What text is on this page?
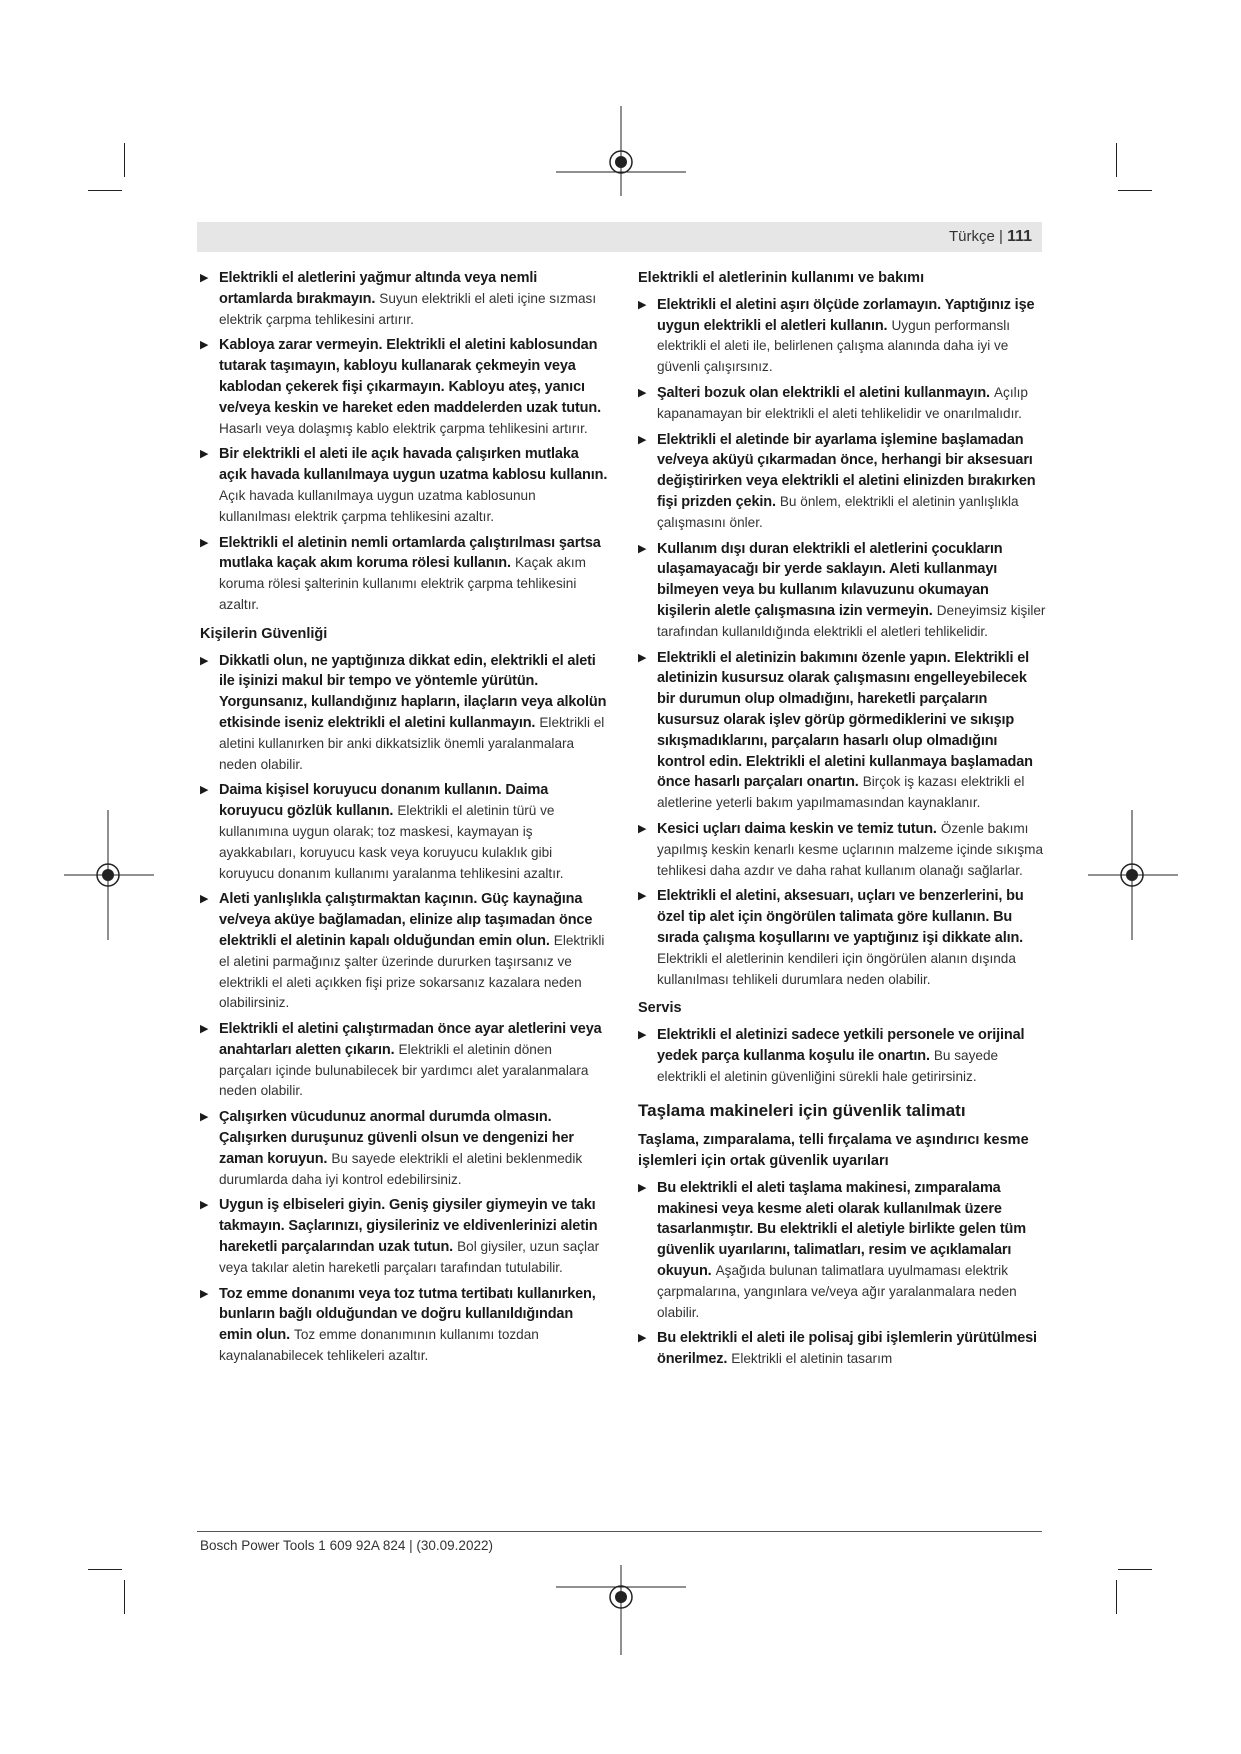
Türkçe | 111
▶ Elektrikli el aletlerini yağmur altında veya nemli ortamlarda bırakmayın. Suyun elektrikli el aleti içine sızması elektrik çarpma tehlikesini artırır.
▶ Kabloya zarar vermeyin. Elektrikli el aletini kablosundan tutarak taşımayın, kabloyu kullanarak çekmeyin veya kablodan çekerek fişi çıkarmayın. Kabloyu ateş, yanıcı ve/veya keskin ve hareket eden maddelerden uzak tutun. Hasarlı veya dolaşmış kablo elektrik çarpma tehlikesini artırır.
▶ Bir elektrikli el aleti ile açık havada çalışırken mutlaka açık havada kullanılmaya uygun uzatma kablosu kullanın. Açık havada kullanılmaya uygun uzatma kablosunun kullanılması elektrik çarpma tehlikesini azaltır.
▶ Elektrikli el aletinin nemli ortamlarda çalıştırılması şartsa mutlaka kaçak akım koruma rölesi kullanın. Kaçak akım koruma rölesi şalterinin kullanımı elektrik çarpma tehlikesini azaltır.
Kişilerin Güvenliği
▶ Dikkatli olun, ne yaptığınıza dikkat edin, elektrikli el aleti ile işinizi makul bir tempo ve yöntemle yürütün. Yorgunsanız, kullandığınız hapların, ilaçların veya alkolün etkisinde iseniz elektrikli el aletini kullanmayın. Elektrikli el aletini kullanırken bir anki dikkatsizlik önemli yaralanmalara neden olabilir.
▶ Daima kişisel koruyucu donanım kullanın. Daima koruyucu gözlük kullanın. Elektrikli el aletinin türü ve kullanımına uygun olarak; toz maskesi, kaymayan iş ayakkabıları, koruyucu kask veya koruyucu kulaklık gibi koruyucu donanım kullanımı yaralanma tehlikesini azaltır.
▶ Aleti yanlışlıkla çalıştırmaktan kaçının. Güç kaynağına ve/veya aküye bağlamadan, elinize alıp taşımadan önce elektrikli el aletinin kapalı olduğundan emin olun. Elektrikli el aletini parmağınız şalter üzerinde dururken taşırsanız ve elektrikli el aleti açıkken fişi prize sokarsanız kazalara neden olabilirsiniz.
▶ Elektrikli el aletini çalıştırmadan önce ayar aletlerini veya anahtarları aletten çıkarın. Elektrikli el aletinin dönen parçaları içinde bulunabilecek bir yardımcı alet yaralanmalara neden olabilir.
▶ Çalışırken vücudunuz anormal durumda olmasın. Çalışırken duruşunuz güvenli olsun ve dengenizi her zaman koruyun. Bu sayede elektrikli el aletini beklenmedik durumlarda daha iyi kontrol edebilirsiniz.
▶ Uygun iş elbiseleri giyin. Geniş giysiler giymeyin ve takı takmayın. Saçlarınızı, giysileriniz ve eldivenlerinizi aletin hareketli parçalarından uzak tutun. Bol giysiler, uzun saçlar veya takılar aletin hareketli parçaları tarafından tutulabilir.
▶ Toz emme donanımı veya toz tutma tertibatı kullanırken, bunların bağlı olduğundan ve doğru kullanıldığından emin olun. Toz emme donanımının kullanımı tozdan kaynalanabilecek tehlikeleri azaltır.
Elektrikli el aletlerinin kullanımı ve bakımı
▶ Elektrikli el aletini aşırı ölçüde zorlamayın. Yaptığınız işe uygun elektrikli el aletleri kullanın. Uygun performanslı elektrikli el aleti ile, belirlenen çalışma alanında daha iyi ve güvenli çalışırsınız.
▶ Şalteri bozuk olan elektrikli el aletini kullanmayın. Açılıp kapanamayan bir elektrikli el aleti tehlikelidir ve onarılmalıdır.
▶ Elektrikli el aletinde bir ayarlama işlemine başlamadan ve/veya aküyü çıkarmadan önce, herhangi bir aksesuarı değiştirirken veya elektrikli el aletini elinizden bırakırken fişi prizden çekin. Bu önlem, elektrikli el aletinin yanlışlıkla çalışmasını önler.
▶ Kullanım dışı duran elektrikli el aletlerini çocukların ulaşamayacağı bir yerde saklayın. Aleti kullanmayı bilmeyen veya bu kullanım kılavuzunu okumayan kişilerin aletle çalışmasına izin vermeyin. Deneyimsiz kişiler tarafından kullanıldığında elektrikli el aletleri tehlikelidir.
▶ Elektrikli el aletinizin bakımını özenle yapın. Elektrikli el aletinizin kusursuz olarak çalışmasını engelleyebilecek bir durumun olup olmadığını, hareketli parçaların kusursuz olarak işlev görüp görmediklerini ve sıkışıp sıkışmadıklarını, parçaların hasarlı olup olmadığını kontrol edin. Elektrikli el aletini kullanmaya başlamadan önce hasarlı parçaları onartın. Birçok iş kazası elektrikli el aletlerine yeterli bakım yapılmamasından kaynaklanır.
▶ Kesici uçları daima keskin ve temiz tutun. Özenle bakımı yapılmış keskin kenarlı kesme uçlarının malzeme içinde sıkışma tehlikesi daha azdır ve daha rahat kullanım olanağı sağlarlar.
▶ Elektrikli el aletini, aksesuarı, uçları ve benzerlerini, bu özel tip alet için öngörülen talimata göre kullanın. Bu sırada çalışma koşullarını ve yaptığınız işi dikkate alın. Elektrikli el aletlerinin kendileri için öngörülen alanın dışında kullanılması tehlikeli durumlara neden olabilir.
Servis
▶ Elektrikli el aletinizi sadece yetkili personele ve orijinal yedek parça kullanma koşulu ile onartın. Bu sayede elektrikli el aletinin güvenliğini sürekli hale getirirsiniz.
Taşlama makineleri için güvenlik talimatı
Taşlama, zımparalama, telli fırçalama ve aşındırıcı kesme işlemleri için ortak güvenlik uyarıları
▶ Bu elektrikli el aleti taşlama makinesi, zımparalama makinesi veya kesme aleti olarak kullanılmak üzere tasarlanmıştır. Bu elektrikli el aletiyle birlikte gelen tüm güvenlik uyarılarını, talimatları, resim ve açıklamaları okuyun. Aşağıda bulunan talimatlara uyulmaması elektrik çarpmalarına, yangınlara ve/veya ağır yaralanmalara neden olabilir.
▶ Bu elektrikli el aleti ile polisaj gibi işlemlerin yürütülmesi önerilmez. Elektrikli el aletinin tasarım
Bosch Power Tools 1 609 92A 824 | (30.09.2022)
